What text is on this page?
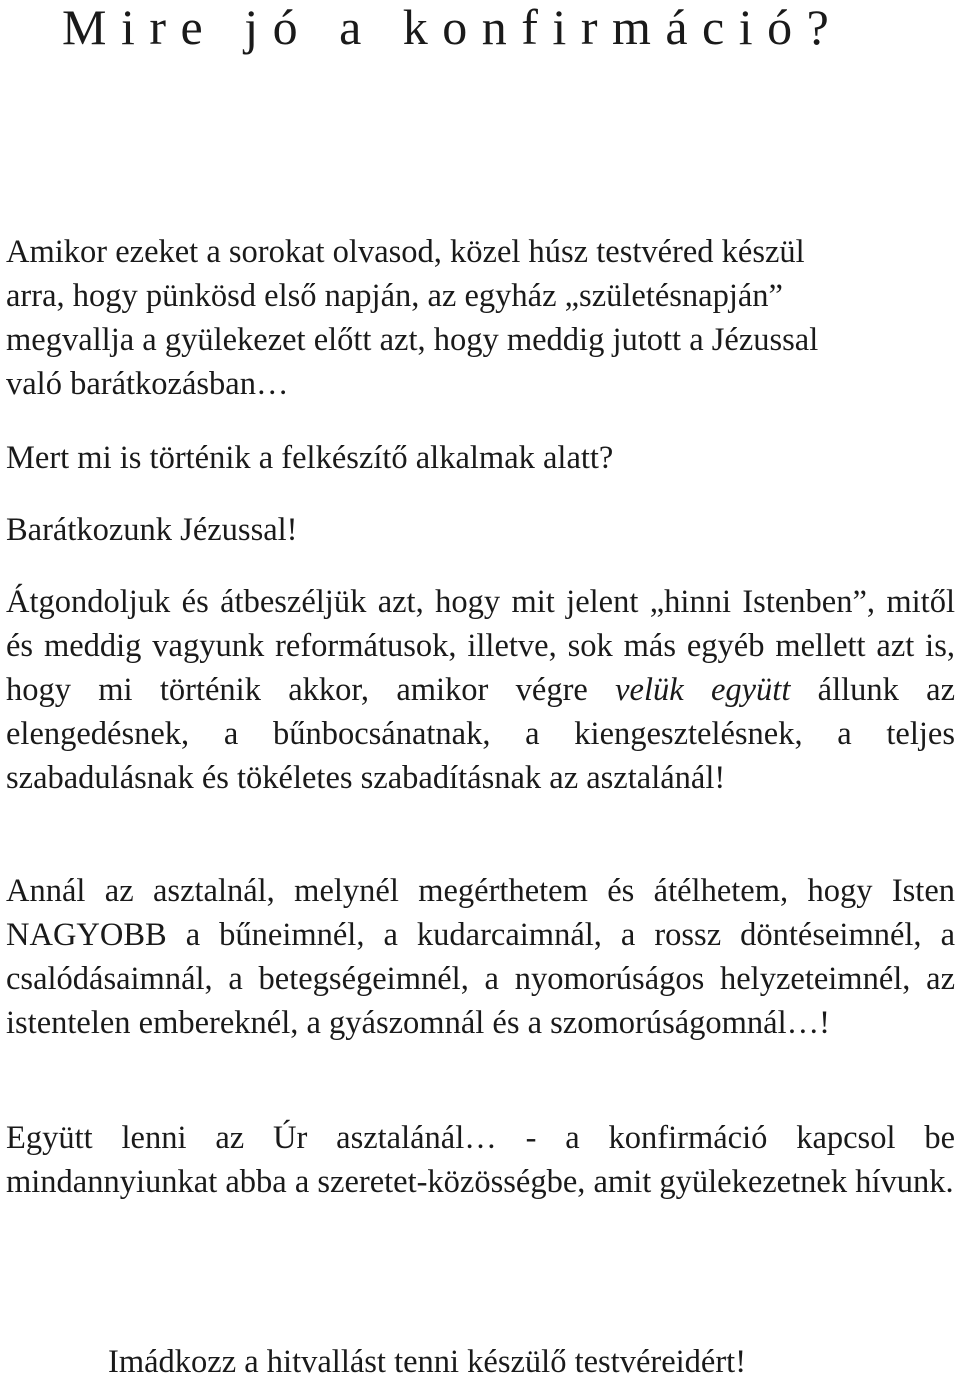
Mire jó a konfirmáció?
Amikor ezeket a sorokat olvasod, közel húsz testvéred készül
arra, hogy pünkösd első napján, az egyház „születésnapján”
megvallja a gyülekezet előtt azt, hogy meddig jutott a Jézussal
való barátkozásban…

Mert mi is történik a felkészítő alkalmak alatt?

Barátkozunk Jézussal!

Átgondoljuk és átbeszéljük azt, hogy mit jelent „hinni Istenben”, mitől és meddig vagyunk reformátusok, illetve, sok más egyéb mellett azt is, hogy mi történik akkor, amikor végre velük együtt állunk az elengedésnek, a bűnbocsánatnak, a kiengesztelésnek, a teljes szabadulásnak és tökéletes szabadításnak az asztalánál!

Annál az asztalnál, melynél megérthetem és átélhetem, hogy Isten NAGYOBB a bűneimnél, a kudarcaimnál, a rossz döntéseimnél, a csalódásaimnál, a betegségeimnél, a nyomorúságos helyzeteimnél, az istentelen embereknél, a gyászomnál és a szomorúságomnál…!

Együtt lenni az Úr asztalánál… - a konfirmáció kapcsol be mindannyiunkat abba a szeretet-közösségbe, amit gyülekezetnek hívunk.

Imádkozz a hitvallást tenni készülő testvéreidért!
